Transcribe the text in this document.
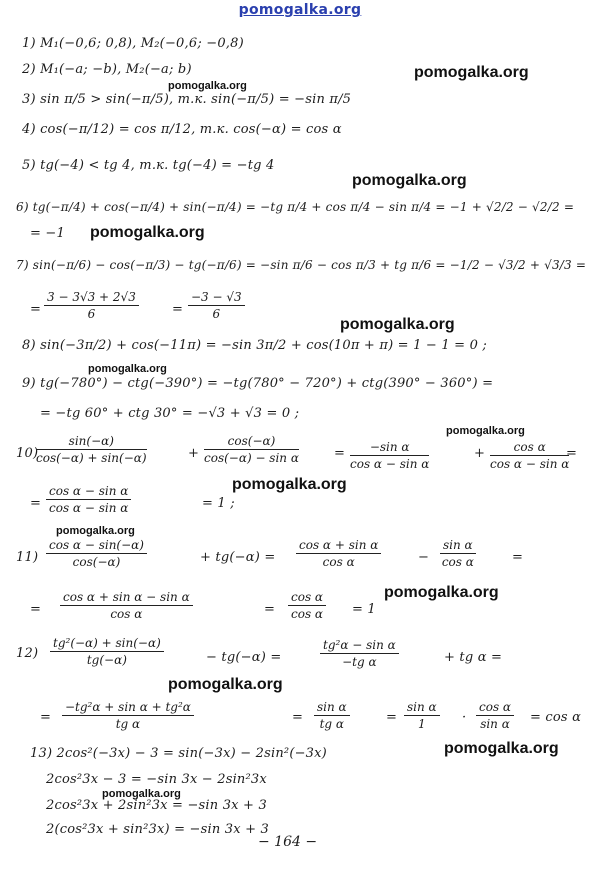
pomogalka.org
1) M₁(−0,6; 0,8), M₂(−0,6; −0,8)
2) M₁(−a; −b), M₂(−a; b)
3) sin π/5 > sin(−π/5), т.к. sin(−π/5) = −sin π/5
4) cos(−π/12) = cos π/12, т.к. cos(−α) = cos α
5) tg(−4) < tg 4, т.к. tg(−4) = −tg 4
6) tg(−π/4) + cos(−π/4) + sin(−π/4) = −tg π/4 + cos π/4 − sin π/4 = −1 + √2/2 − √2/2 =
= −1
7) sin(−π/6) − cos(−π/3) − tg(−π/6) = −sin π/6 − cos π/3 + tg π/6 = −1/2 − √3/2 + √3/3 =
= $\frac{3 - 3√3 + 2√3}{6}$	= $\frac{-3 - √3}{6}$
8) sin(−3π/2) + cos(−11π) = −sin 3π/2 + cos(10π + π) = 1 − 1 = 0 ;
9) tg(−780°) − ctg(−390°) = −tg(780° − 720°) + ctg(390° − 360°) =
= −tg 60° + ctg 30° = −√3 + √3 = 0 ;
10)
$\frac{\sin(-\alpha)}{\cos(-\alpha) + \sin(-\alpha)}$	+ $\frac{\cos(-\alpha)}{\text{cos(−α) − sin α}}$	= $\frac{\text{−sin α}}{\text{cos α − sin α}}$	+ $\frac{\text{cos α}}{\text{cos α − sin α}}$
=
= $\frac{\text{cos α − sin α}}{\text{cos α − sin α}}$	= 1 ;
$11) \frac{\text{cos α − sin(−α)}}{\cos(-\alpha)}$	+ $tg(-\alpha) = \frac{\text{cos α + sin α}}{\text{cos α}}$	− $\frac{\text{sin α}}{\text{cos α}}$	=
= $\frac{\text{cos α + sin α − sin α}}{\text{cos α}}$	= $\frac{\text{cos α}}{\text{cos α}} = 1$
$12) \frac{\text{tg²(−α) + sin(−α)}}{tg(-\alpha)}$	− tg(−α) =	$\frac{\text{tg²α − sin α}}{\text{−tg α}}$	+ tg α =
= $\frac{\text{−tg²α + sin α + tg²α}}{\text{tg α}}$	= $\frac{\text{sin α}}{\text{tg α}}$	= $\frac{\text{sin α}}{1} \cdot \frac{\text{cos α}}{\text{sin α}} = \cos \alpha$
13) 2cos²(−3x) − 3 = sin(−3x) − 2sin²(−3x)
2cos²3x − 3 = −sin 3x − 2sin²3x
2cos²3x + 2sin²3x = −sin 3x + 3
2(cos²3x + sin²3x) = −sin 3x + 3
− 164 −
pomogalka.org
pomogalka.org
pomogalka.org
pomogalka.org
pomogalka.org
pomogalka.org
pomogalka.org
pomogalka.org
pomogalka.org
pomogalka.org
pomogalka.org
pomogalka.org
pomogalka.org
